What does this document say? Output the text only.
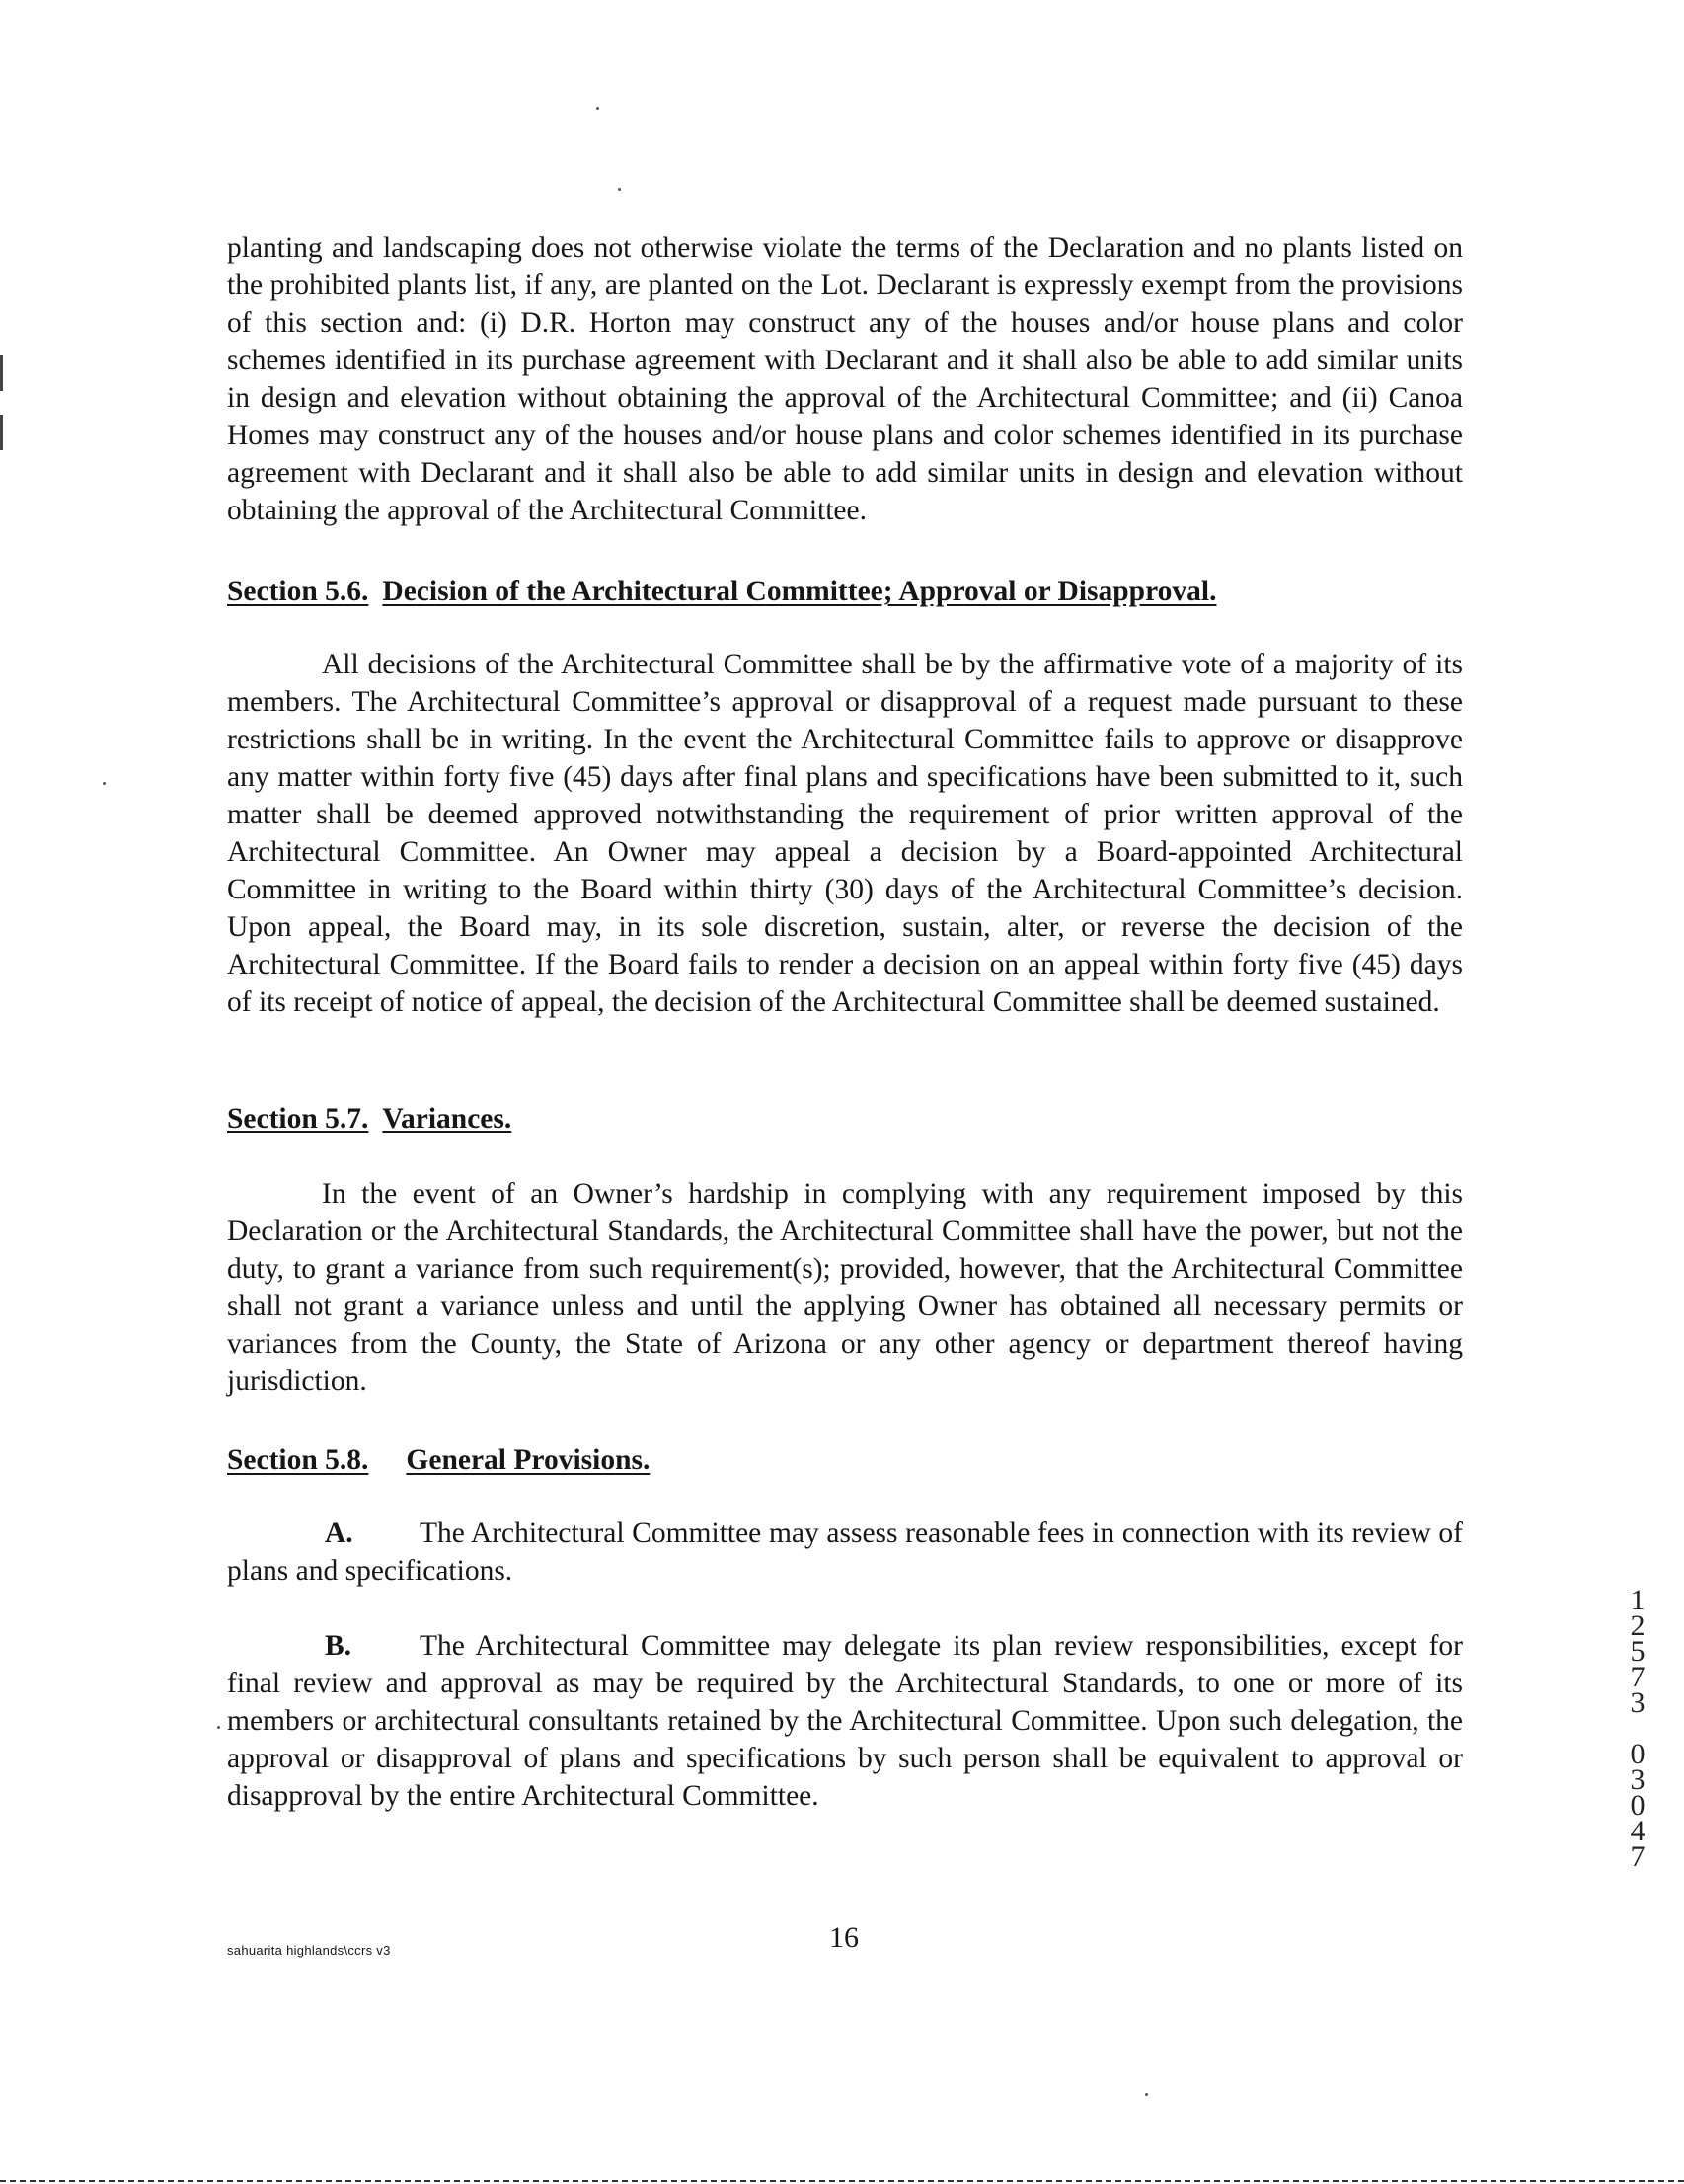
planting and landscaping does not otherwise violate the terms of the Declaration and no plants listed on the prohibited plants list, if any, are planted on the Lot. Declarant is expressly exempt from the provisions of this section and: (i) D.R. Horton may construct any of the houses and/or house plans and color schemes identified in its purchase agreement with Declarant and it shall also be able to add similar units in design and elevation without obtaining the approval of the Architectural Committee; and (ii) Canoa Homes may construct any of the houses and/or house plans and color schemes identified in its purchase agreement with Declarant and it shall also be able to add similar units in design and elevation without obtaining the approval of the Architectural Committee.
Section 5.6. Decision of the Architectural Committee; Approval or Disapproval.
All decisions of the Architectural Committee shall be by the affirmative vote of a majority of its members. The Architectural Committee’s approval or disapproval of a request made pursuant to these restrictions shall be in writing. In the event the Architectural Committee fails to approve or disapprove any matter within forty five (45) days after final plans and specifications have been submitted to it, such matter shall be deemed approved notwithstanding the requirement of prior written approval of the Architectural Committee. An Owner may appeal a decision by a Board-appointed Architectural Committee in writing to the Board within thirty (30) days of the Architectural Committee’s decision. Upon appeal, the Board may, in its sole discretion, sustain, alter, or reverse the decision of the Architectural Committee. If the Board fails to render a decision on an appeal within forty five (45) days of its receipt of notice of appeal, the decision of the Architectural Committee shall be deemed sustained.
Section 5.7. Variances.
In the event of an Owner’s hardship in complying with any requirement imposed by this Declaration or the Architectural Standards, the Architectural Committee shall have the power, but not the duty, to grant a variance from such requirement(s); provided, however, that the Architectural Committee shall not grant a variance unless and until the applying Owner has obtained all necessary permits or variances from the County, the State of Arizona or any other agency or department thereof having jurisdiction.
Section 5.8. General Provisions.
A. The Architectural Committee may assess reasonable fees in connection with its review of plans and specifications.
B. The Architectural Committee may delegate its plan review responsibilities, except for final review and approval as may be required by the Architectural Standards, to one or more of its members or architectural consultants retained by the Architectural Committee. Upon such delegation, the approval or disapproval of plans and specifications by such person shall be equivalent to approval or disapproval by the entire Architectural Committee.
sahuarita highlands\ccrs v3	16
1
2
5
7
3
0
3
0
4
7
